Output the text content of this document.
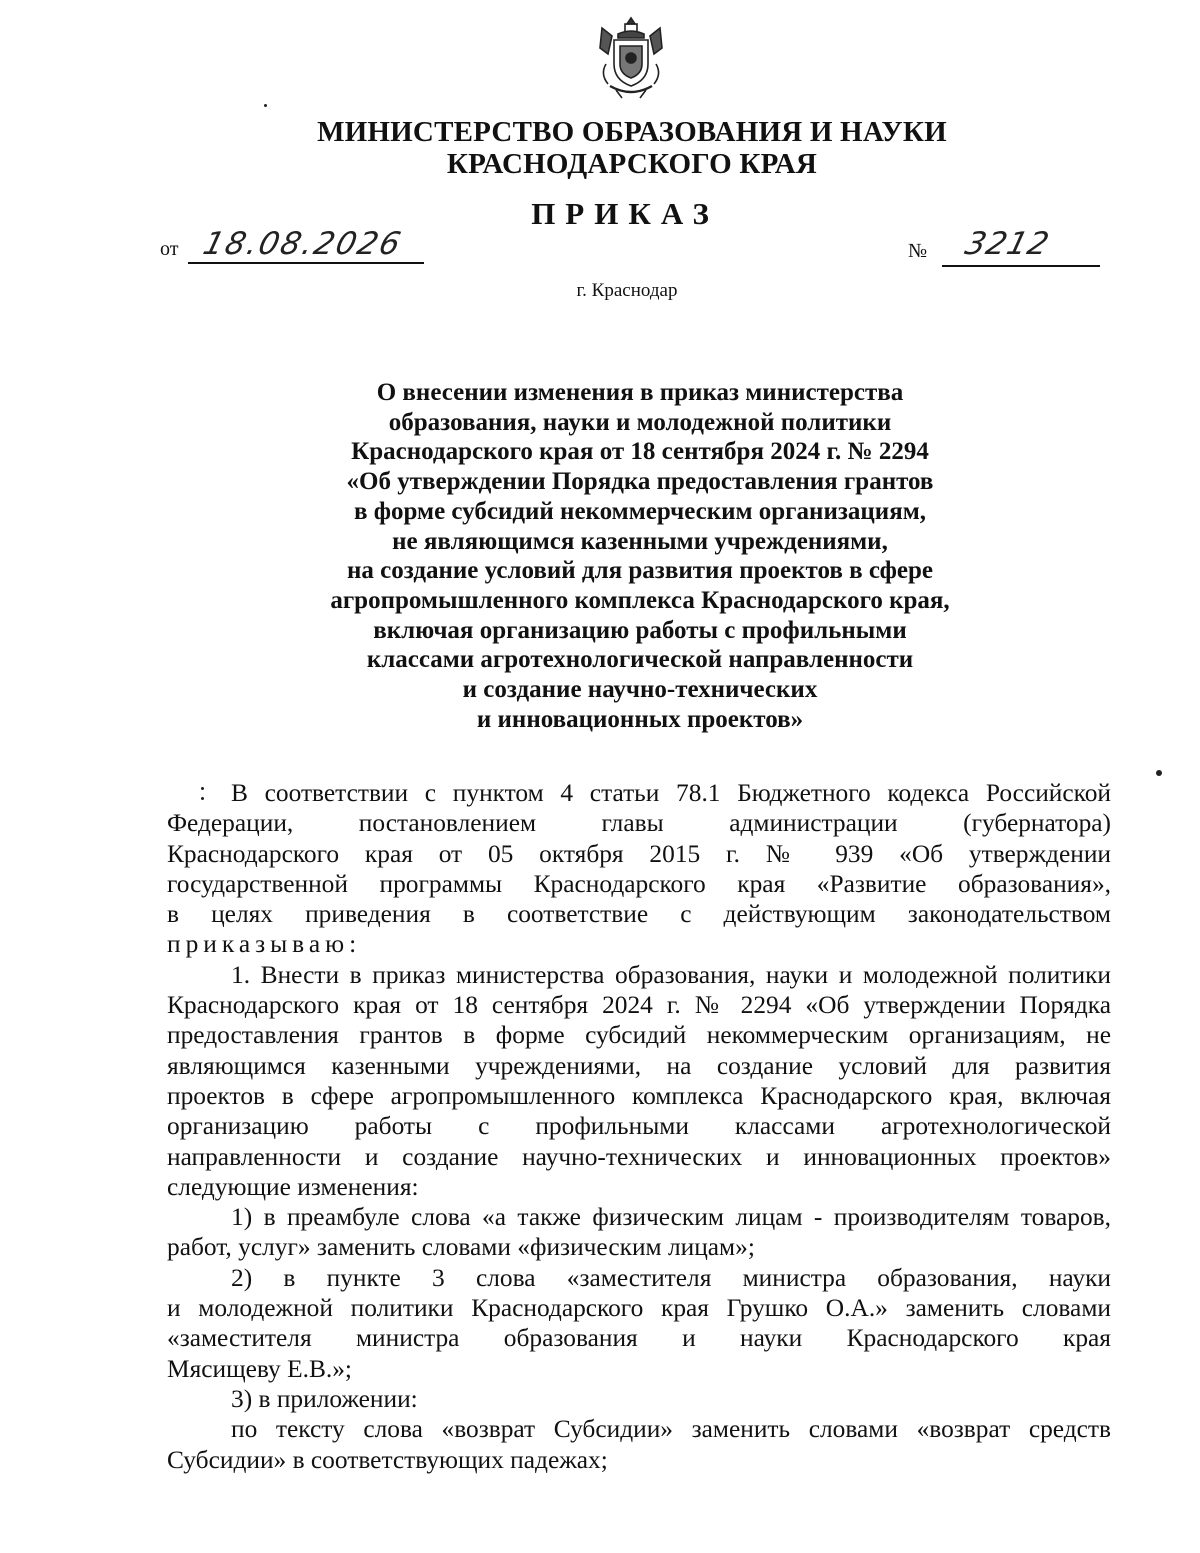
МИНИСТЕРСТВО ОБРАЗОВАНИЯ И НАУКИ
КРАСНОДАРСКОГО КРАЯ
ПРИКАЗ
от 18.08.2026	№ 3212
г. Краснодар
О внесении изменения в приказ министерства
образования, науки и молодежной политики
Краснодарского края от 18 сентября 2024 г. № 2294
«Об утверждении Порядка предоставления грантов
в форме субсидий некоммерческим организациям,
не являющимся казенными учреждениями,
на создание условий для развития проектов в сфере
агропромышленного комплекса Краснодарского края,
включая организацию работы с профильными
классами агротехнологической направленности
и создание научно-технических
и инновационных проектов»
В соответствии с пунктом 4 статьи 78.1 Бюджетного кодекса Российской
Федерации, постановлением главы администрации (губернатора)
Краснодарского края от 05 октября 2015 г. № 939 «Об утверждении
государственной программы Краснодарского края «Развитие образования»,
в целях приведения в соответствие с действующим законодательством
приказываю:
1. Внести в приказ министерства образования, науки и молодежной политики
Краснодарского края от 18 сентября 2024 г. № 2294 «Об утверждении Порядка
предоставления грантов в форме субсидий некоммерческим организациям, не
являющимся казенными учреждениями, на создание условий для развития
проектов в сфере агропромышленного комплекса Краснодарского края, включая
организацию работы с профильными классами агротехнологической
направленности и создание научно-технических и инновационных проектов»
следующие изменения:
1) в преамбуле слова «а также физическим лицам - производителям товаров,
работ, услуг» заменить словами «физическим лицам»;
2) в пункте 3 слова «заместителя министра образования, науки
и молодежной политики Краснодарского края Грушко О.А.» заменить словами
«заместителя министра образования и науки Краснодарского края
Мясищеву Е.В.»;
3) в приложении:
по тексту слова «возврат Субсидии» заменить словами «возврат средств
Субсидии» в соответствующих падежах;
